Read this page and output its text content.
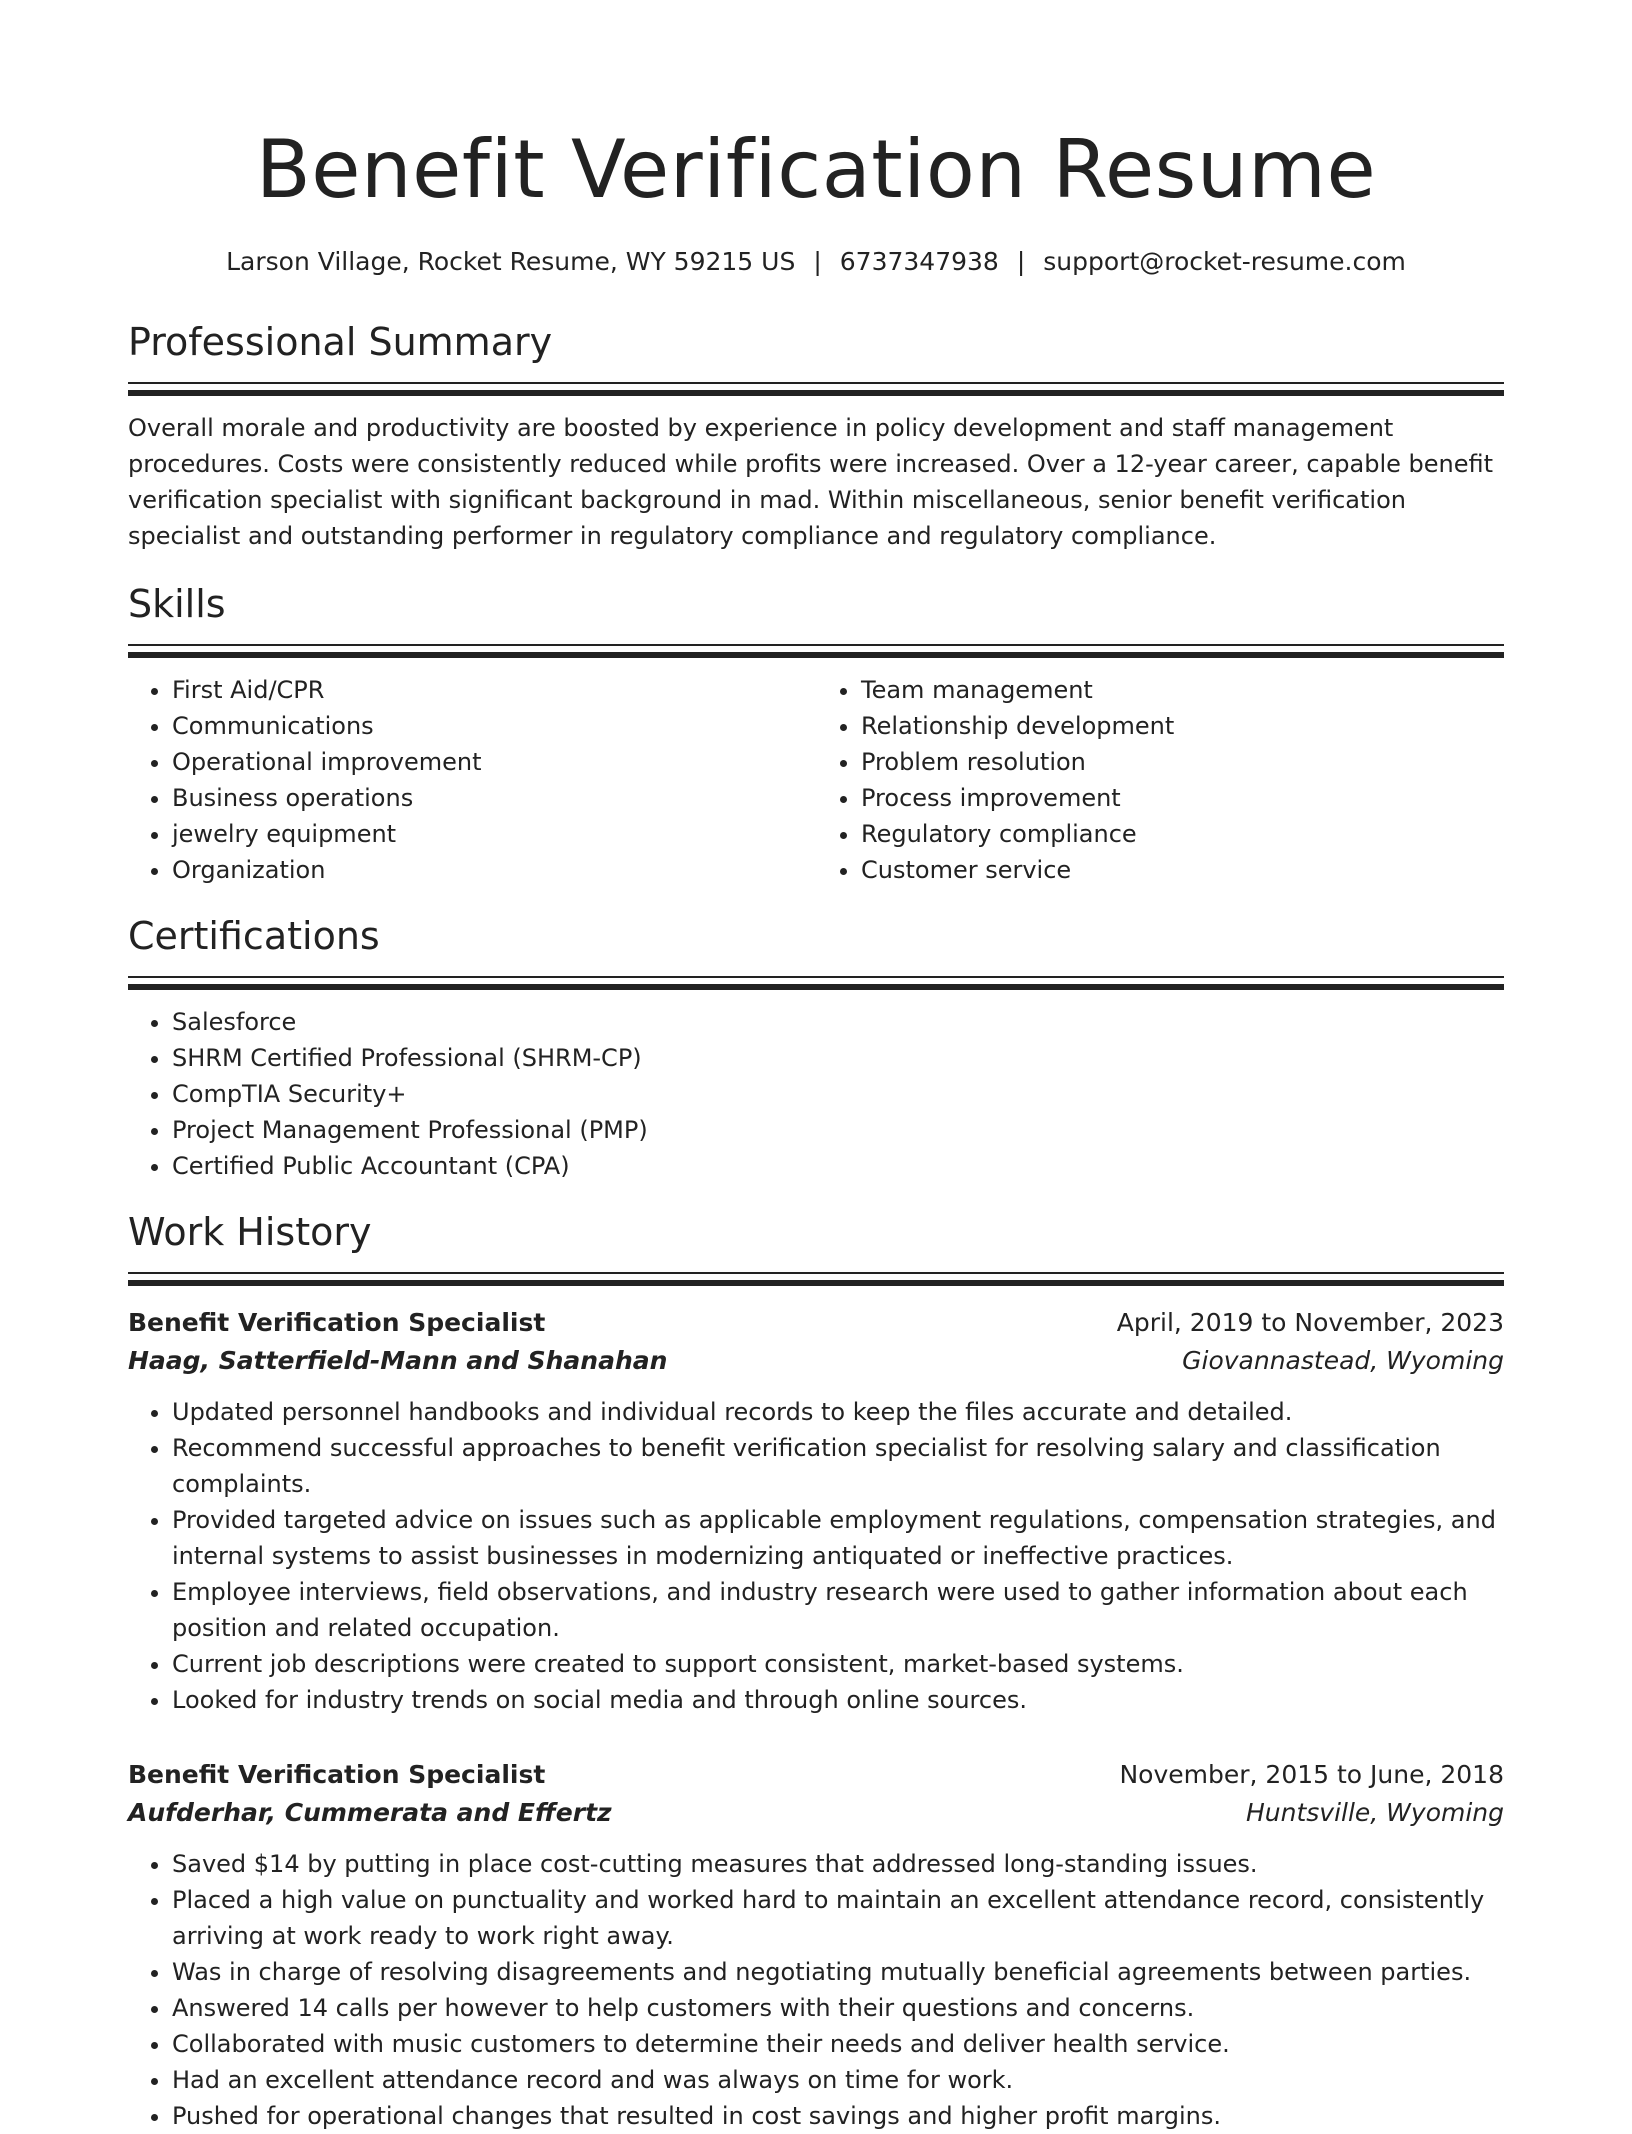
Benefit Verification Resume
Larson Village, Rocket Resume, WY 59215 US | 6737347938 | support@rocket-resume.com
Professional Summary

Overall morale and productivity are boosted by experience in policy development and staff management procedures. Costs were consistently reduced while profits were increased. Over a 12-year career, capable benefit verification specialist with significant background in mad. Within miscellaneous, senior benefit verification specialist and outstanding performer in regulatory compliance and regulatory compliance.

Skills
• First Aid/CPR
• Communications
• Operational improvement
• Business operations
• jewelry equipment
• Organization
• Team management
• Relationship development
• Problem resolution
• Process improvement
• Regulatory compliance
• Customer service
Certifications
• Salesforce
• SHRM Certified Professional (SHRM-CP)
• CompTIA Security+
• Project Management Professional (PMP)
• Certified Public Accountant (CPA)
Work History
Benefit Verification Specialist	April, 2019 to November, 2023
Haag, Satterfield-Mann and Shanahan	Giovannastead, Wyoming
• Updated personnel handbooks and individual records to keep the files accurate and detailed.
• Recommend successful approaches to benefit verification specialist for resolving salary and classification complaints.
• Provided targeted advice on issues such as applicable employment regulations, compensation strategies, and internal systems to assist businesses in modernizing antiquated or ineffective practices.
• Employee interviews, field observations, and industry research were used to gather information about each position and related occupation.
• Current job descriptions were created to support consistent, market-based systems.
• Looked for industry trends on social media and through online sources.
Benefit Verification Specialist	November, 2015 to June, 2018
Aufderhar, Cummerata and Effertz	Huntsville, Wyoming
• Saved $14 by putting in place cost-cutting measures that addressed long-standing issues.
• Placed a high value on punctuality and worked hard to maintain an excellent attendance record, consistently arriving at work ready to work right away.
• Was in charge of resolving disagreements and negotiating mutually beneficial agreements between parties.
• Answered 14 calls per however to help customers with their questions and concerns.
• Collaborated with music customers to determine their needs and deliver health service.
• Had an excellent attendance record and was always on time for work.
• Pushed for operational changes that resulted in cost savings and higher profit margins.
